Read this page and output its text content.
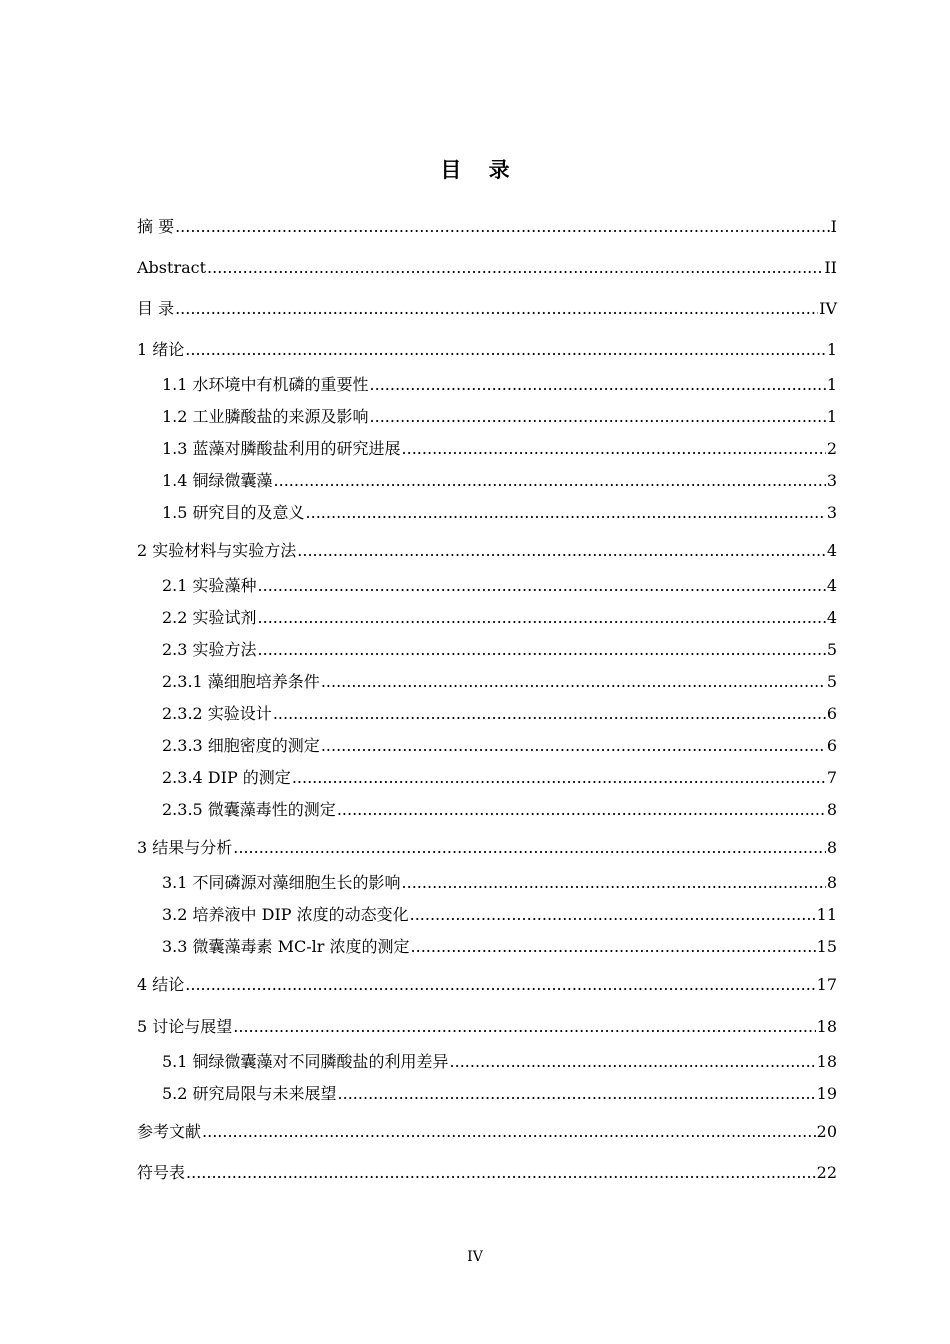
目 录
摘 要 .....	I
Abstract .....	II
目 录 .....	IV
1 绪论 .....	1
1.1 水环境中有机磷的重要性 .....	1
1.2 工业膦酸盐的来源及影响 .....	1
1.3 蓝藻对膦酸盐利用的研究进展 .....	2
1.4 铜绿微囊藻 .....	3
1.5 研究目的及意义 .....	3
2 实验材料与实验方法 .....	4
2.1 实验藻种 .....	4
2.2 实验试剂 .....	4
2.3 实验方法 .....	5
2.3.1 藻细胞培养条件 .....	5
2.3.2 实验设计 .....	6
2.3.3 细胞密度的测定 .....	6
2.3.4 DIP 的测定 .....	7
2.3.5 微囊藻毒性的测定 .....	8
3 结果与分析 .....	8
3.1 不同磷源对藻细胞生长的影响 .....	8
3.2 培养液中 DIP 浓度的动态变化 .....	11
3.3 微囊藻毒素 MC-lr 浓度的测定 .....	15
4 结论 .....	17
5 讨论与展望 .....	18
5.1 铜绿微囊藻对不同膦酸盐的利用差异 .....	18
5.2 研究局限与未来展望 .....	19
参考文献 .....	20
符号表 .....	22
IV
